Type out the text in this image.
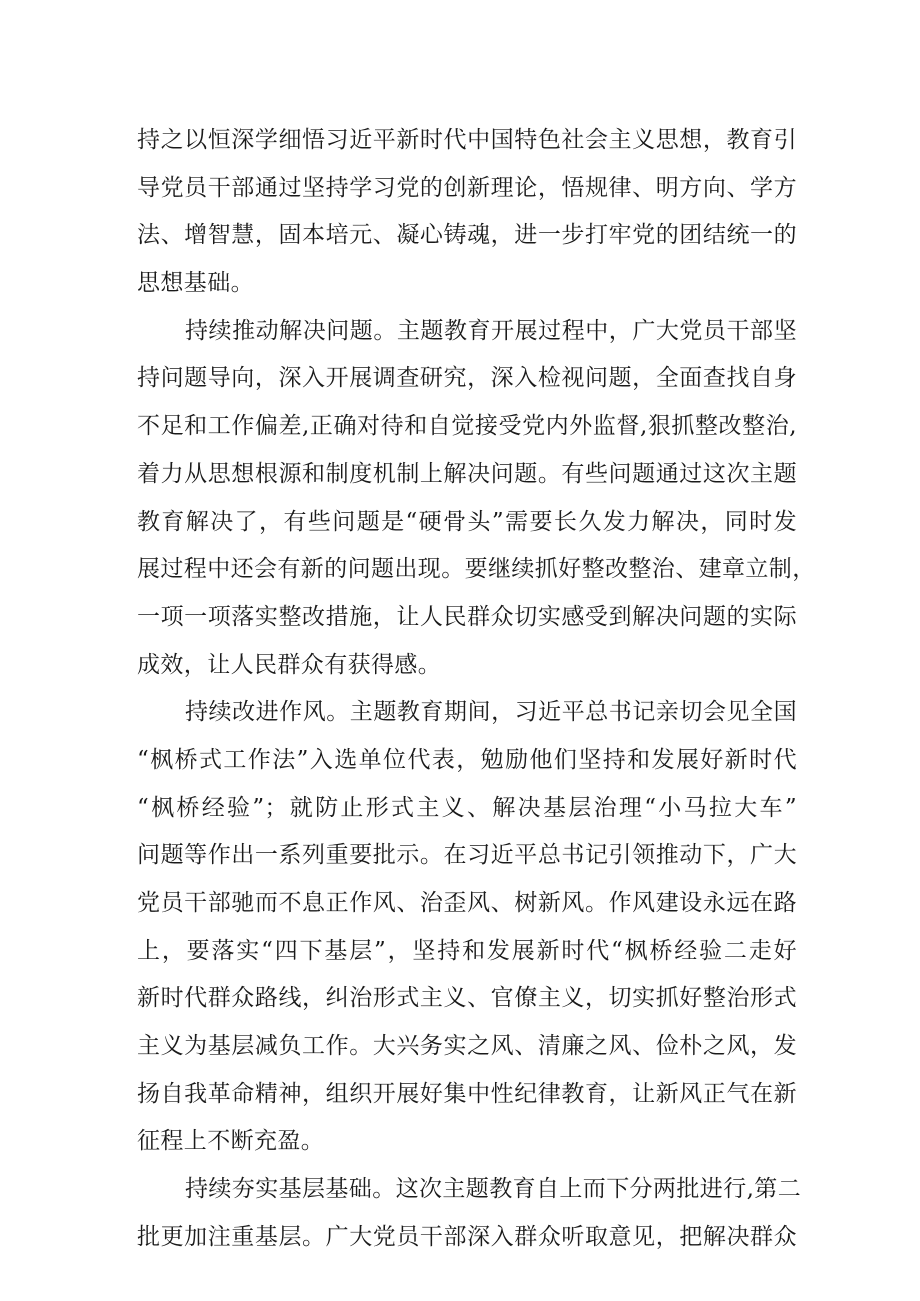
持之以恒深学细悟习近平新时代中国特色社会主义思想，教育引
导党员干部通过坚持学习党的创新理论，悟规律、明方向、学方
法、增智慧，固本培元、凝心铸魂，进一步打牢党的团结统一的
思想基础。
持续推动解决问题。主题教育开展过程中，广大党员干部坚
持问题导向，深入开展调查研究，深入检视问题，全面查找自身
不足和工作偏差,正确对待和自觉接受党内外监督,狠抓整改整治,
着力从思想根源和制度机制上解决问题。有些问题通过这次主题
教育解决了，有些问题是“硬骨头”需要长久发力解决，同时发
展过程中还会有新的问题出现。要继续抓好整改整治、建章立制，
一项一项落实整改措施，让人民群众切实感受到解决问题的实际
成效，让人民群众有获得感。
持续改进作风。主题教育期间，习近平总书记亲切会见全国
“枫桥式工作法”入选单位代表，勉励他们坚持和发展好新时代
“枫桥经验”；就防止形式主义、解决基层治理“小马拉大车”
问题等作出一系列重要批示。在习近平总书记引领推动下，广大
党员干部驰而不息正作风、治歪风、树新风。作风建设永远在路
上，要落实“四下基层”，坚持和发展新时代“枫桥经验二走好
新时代群众路线，纠治形式主义、官僚主义，切实抓好整治形式
主义为基层减负工作。大兴务实之风、清廉之风、俭朴之风，发
扬自我革命精神，组织开展好集中性纪律教育，让新风正气在新
征程上不断充盈。
持续夯实基层基础。这次主题教育自上而下分两批进行,第二
批更加注重基层。广大党员干部深入群众听取意见，把解决群众
